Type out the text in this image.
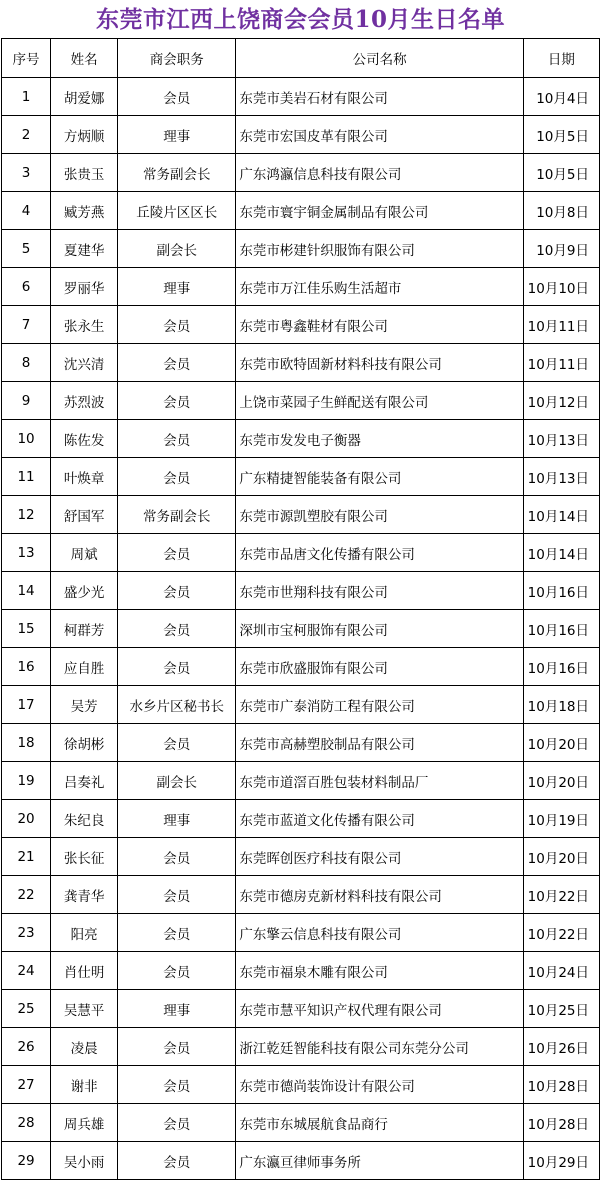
东莞市江西上饶商会会员10月生日名单
序号	姓名	商会职务	公司名称	日期
1	胡爱娜	会员	东莞市美岩石材有限公司	10月4日
2	方炳顺	理事	东莞市宏国皮革有限公司	10月5日
3	张贵玉	常务副会长	广东鸿瀛信息科技有限公司	10月5日
4	臧芳燕	丘陵片区区长	东莞市寰宇铜金属制品有限公司	10月8日
5	夏建华	副会长	东莞市彬建针织服饰有限公司	10月9日
6	罗丽华	理事	东莞市万江佳乐购生活超市	10月10日
7	张永生	会员	东莞市粤鑫鞋材有限公司	10月11日
8	沈兴清	会员	东莞市欧特固新材料科技有限公司	10月11日
9	苏烈波	会员	上饶市菜园子生鲜配送有限公司	10月12日
10	陈佐发	会员	东莞市发发电子衡器	10月13日
11	叶焕章	会员	广东精捷智能装备有限公司	10月13日
12	舒国军	常务副会长	东莞市源凯塑胶有限公司	10月14日
13	周斌	会员	东莞市品唐文化传播有限公司	10月14日
14	盛少光	会员	东莞市世翔科技有限公司	10月16日
15	柯群芳	会员	深圳市宝柯服饰有限公司	10月16日
16	应自胜	会员	东莞市欣盛服饰有限公司	10月16日
17	吴芳	水乡片区秘书长	东莞市广泰消防工程有限公司	10月18日
18	徐胡彬	会员	东莞市高赫塑胶制品有限公司	10月20日
19	吕奏礼	副会长	东莞市道滘百胜包装材料制品厂	10月20日
20	朱纪良	理事	东莞市蓝道文化传播有限公司	10月19日
21	张长征	会员	东莞晖创医疗科技有限公司	10月20日
22	龚青华	会员	东莞市德房克新材料科技有限公司	10月22日
23	阳亮	会员	广东擎云信息科技有限公司	10月22日
24	肖仕明	会员	东莞市福泉木雕有限公司	10月24日
25	吴慧平	理事	东莞市慧平知识产权代理有限公司	10月25日
26	凌晨	会员	浙江乾廷智能科技有限公司东莞分公司	10月26日
27	谢非	会员	东莞市德尚装饰设计有限公司	10月28日
28	周兵雄	会员	东莞市东城展航食品商行	10月28日
29	吴小雨	会员	广东瀛亘律师事务所	10月29日
